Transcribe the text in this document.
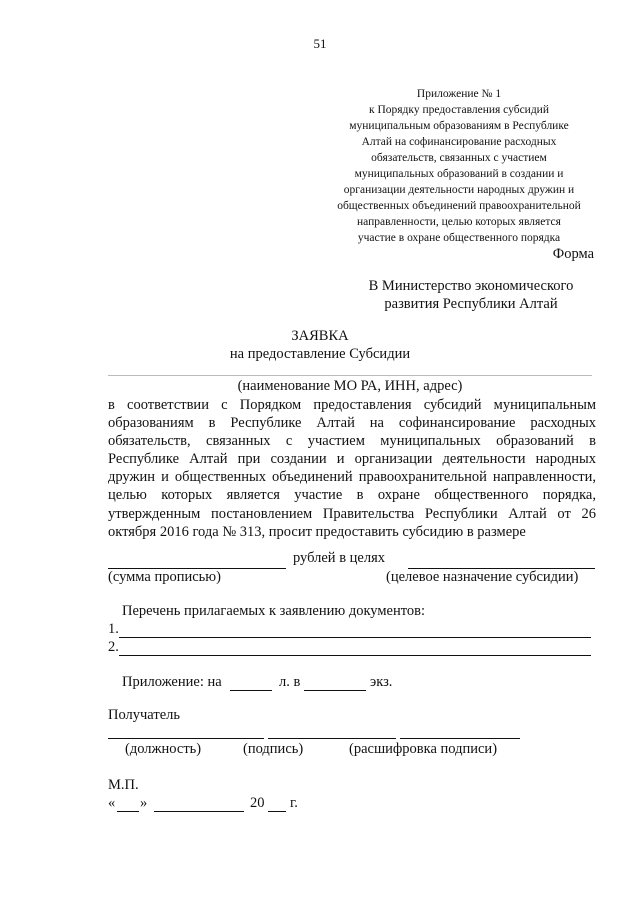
51
Приложение № 1
к Порядку предоставления субсидий
муниципальным образованиям в Республике
Алтай на софинансирование расходных
обязательств, связанных с участием
муниципальных образований в создании и
организации деятельности народных дружин и
общественных объединений правоохранительной
направленности, целью которых является
участие в охране общественного порядка
Форма
В Министерство экономического
развития Республики Алтай
ЗАЯВКА
на предоставление Субсидии
(наименование МО РА, ИНН, адрес)
в соответствии с Порядком предоставления субсидий муниципальным образованиям в Республике Алтай на софинансирование расходных обязательств, связанных с участием муниципальных образований в Республике Алтай при создании и организации деятельности народных дружин и общественных объединений правоохранительной направленности, целью которых является участие в охране общественного порядка, утвержденным постановлением Правительства Республики Алтай от 26 октября 2016 года № 313, просит предоставить субсидию в размере
рублей в целях
(сумма прописью)	(целевое назначение субсидии)
Перечень прилагаемых к заявлению документов:
1.
2.
Приложение: на	л. в	экз.
Получатель
(должность)	(подпись)	(расшифровка подписи)
М.П.
« »	20 г.
